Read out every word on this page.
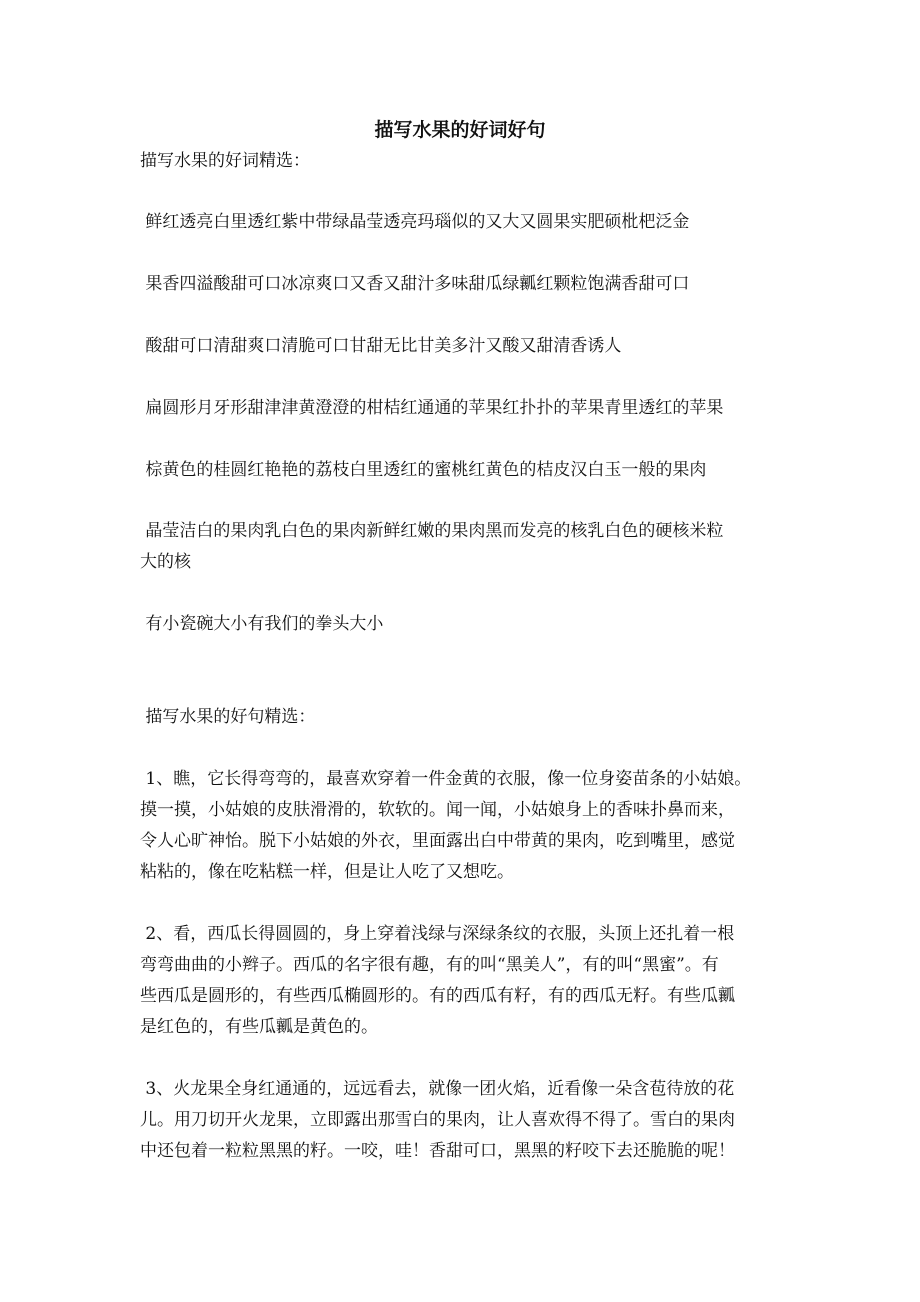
描写水果的好词好句
描写水果的好词精选：
鲜红透亮白里透红紫中带绿晶莹透亮玛瑙似的又大又圆果实肥硕枇杷泛金
果香四溢酸甜可口冰凉爽口又香又甜汁多味甜瓜绿瓤红颗粒饱满香甜可口
酸甜可口清甜爽口清脆可口甘甜无比甘美多汁又酸又甜清香诱人
扁圆形月牙形甜津津黄澄澄的柑桔红通通的苹果红扑扑的苹果青里透红的苹果
棕黄色的桂圆红艳艳的荔枝白里透红的蜜桃红黄色的桔皮汉白玉一般的果肉
晶莹洁白的果肉乳白色的果肉新鲜红嫩的果肉黑而发亮的核乳白色的硬核米粒
大的核
有小瓷碗大小有我们的拳头大小
描写水果的好句精选：
1、瞧，它长得弯弯的，最喜欢穿着一件金黄的衣服，像一位身姿苗条的小姑娘。
摸一摸，小姑娘的皮肤滑滑的，软软的。闻一闻，小姑娘身上的香味扑鼻而来，
令人心旷神怡。脱下小姑娘的外衣，里面露出白中带黄的果肉，吃到嘴里，感觉
粘粘的，像在吃粘糕一样，但是让人吃了又想吃。
2、看，西瓜长得圆圆的，身上穿着浅绿与深绿条纹的衣服，头顶上还扎着一根
弯弯曲曲的小辫子。西瓜的名字很有趣，有的叫“黑美人”，有的叫“黑蜜”。有
些西瓜是圆形的，有些西瓜椭圆形的。有的西瓜有籽，有的西瓜无籽。有些瓜瓤
是红色的，有些瓜瓤是黄色的。
3、火龙果全身红通通的，远远看去，就像一团火焰，近看像一朵含苞待放的花
儿。用刀切开火龙果，立即露出那雪白的果肉，让人喜欢得不得了。雪白的果肉
中还包着一粒粒黑黑的籽。一咬，哇！香甜可口，黑黑的籽咬下去还脆脆的呢！
